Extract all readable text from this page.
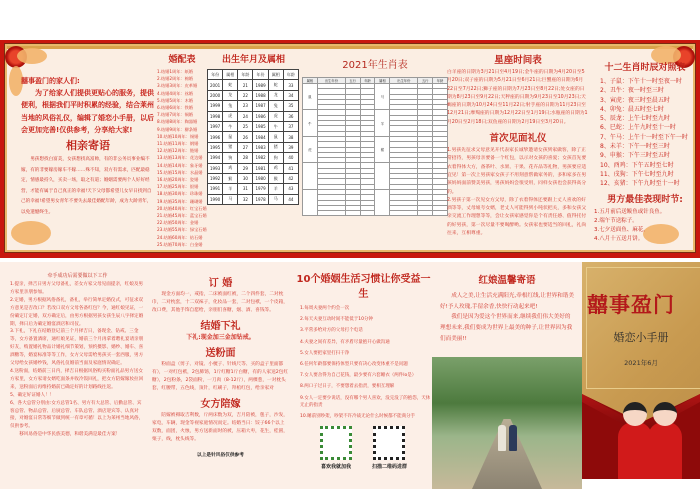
囍事盈门的家人们:
为了给家人们提供更贴心的服务，提供便利，根据我们平时积累的经验，结合莱州当地的风俗礼仪，编辑了婚恋小手册，以后会更加完善!仅供参考，分享给大家!
相亲寄语
男孩想找白富美，女孩想找高富帅，有的非公务员事业编不嫁，有的非要嫁房嫁车不嫁……殊不知，双方有需求，匹配最稳定，情感最持久，买卖一场，取之有道；婚姻需要两个人好好经营，才能有属于自己真正的幸福!天下父母都希望儿女早日找到自己的幸福!希望男女青年不要失去最佳婚配年龄，成为大龄青年，以免遗憾终生。
婚配表
1.结婚1周年：纸婚
2.结婚2周年：棉婚
3.结婚3周年：皮革婚
4.结婚4周年：丝婚
5.结婚5周年：木婚
6.结婚6周年：铁婚
7.结婚7周年：铜婚
8.结婚8周年：陶器婚
9.结婚9周年：柳条婚
10.结婚10周年：锡婚
11.结婚11周年：钢婚
12.结婚12周年：链婚
13.结婚13周年：花边婚
14.结婚14周年：象牙婚
15.结婚15周年：水晶婚
16.结婚20周年：瓷婚
17.结婚25周年：银婚
18.结婚30周年：珍珠婚
19.结婚35周年：珊瑚婚
20.结婚40周年：红宝石婚
21.结婚45周年：蓝宝石婚
22.结婚50周年：金婚
23.结婚55周年：绿宝石婚
24.结婚60周年：钻石婚
25.结婚70周年：白金婚
出生年月及属相
年份	属相	年龄	年份	属相	年龄
2001	蛇	21	1989	蛇	33
2000	龙	22	1988	龙	34
1999	兔	23	1987	兔	35
1998	虎	24	1986	虎	36
1997	牛	25	1985	牛	37
1996	鼠	26	1984	鼠	38
1995	猪	27	1983	猪	39
1994	狗	28	1982	狗	40
1993	鸡	29	1981	鸡	41
1992	猴	30	1980	猴	42
1991	羊	31	1979	羊	43
1990	马	32	1978	马	44
2021年生肖表
属相	出生年份	五行	年龄	属相	出生年份	五行	年龄
鼠				马			

牛				羊			

虎				猴			

星座时间表

白羊座的日期为3月21日至4月19日;金牛座的日期为4月20日至5月20日;双子座的日期为5月21日至6月21日;巨蟹座的日期为6月22日至7月22日;狮子座的日期为7月23日至8月22日;处女座的日期为8月23日至9月22日;天秤座的日期为9月23日至10月23日;天蝎座的日期为10月24日至11月22日;射手座的日期为11月23日至12月21日;摩羯座的日期为12月22日至1月19日;水瓶座的日期为1月20日至2月18日;双鱼座的日期为2月19日至3月20日。

首次见面礼仪

1.男孩先征求父母意见开代表家长诚挚邀请女孩到家做客，除了正常招待，男孩母亲要备一个红包，以示对女孩的喜爱；女孩首先要衣着得体大方，备茶叶、水果、干果、花卉品等礼物，男孩要应适宜见！第一次上男孩家女孩子不用刻意帮做家务的，多和家多在男孩妈妈面前赞美男孩，男孩妈妈会很受用，同样女孩也会获得高分的。

2.男孩子第一次见女方父母，除了衣着得体还要跟上丈人喜欢的好酒等等，丈母娘夸女婿，老丈人可能得到小吨状把关，多和女孩父亲交流工作理想等等，会让女孩家感觉你是个有责任感、值得托付的好男孩，第一次尽量不要喝醉哟。女孩家也要适当的回礼，礼尚往来，互相尊重。

十二生肖时辰对照表
1、子鼠：下午十一时至夜一时
2、丑牛：夜一时至三时
3、寅虎：夜三时至晨五时
4、卯兔：晨五时至七时
5、辰龙：上午七时至九时
6、巳蛇：上午九时至十一时
7、午马：上午十一时至下午一时
8、未羊：下午一时至三时
9、申猴：下午三时至五时
10、酉鸡：下午五时至七时
11、戌狗：下午七时至九时
12、亥猪：下午九时至十一时
男方最佳表现时节:
1.五月前后送鲅鱼或针良鱼。
2.端午节送粽子。
3.七夕送面鱼、麻花。
4.八月十五送月饼。
牵手成功后需要做以下工作

1.提亲，择吉日男方父母备礼，差女方家父母见面提亲，红娘及男方家里亲朋参加。

2.定婚，男方根据风俗备礼，备礼，举行简单定婚仪式，可征求双方意见是否改口？若改口双方父母各备红包？今，通红娘见证，一份确定订定婚，双方确定后，由男方根据男孩女孩生辰八字择定婚期，择日后为确定婚宴酒店和司仪。

3.下礼，下礼在结婚登记前三个月择吉日，备现金、钻戒、三金等，女方备置酒席，通红娘见证，婚前三个月再拿着聘礼宴请亲朋好友，购置婚礼物品计婚礼细节策划，预约摄影、婚纱、婚车、喜酒糖等，婚宴标准等等工作，女方父母需给男孩买一套西服，男方父母给女孩婚纱钱，风俗礼仪婚前当面及家庭情况确定。

4.送粉面，结婚前三日内，择吉日根据风俗购买粉面礼品男方送女方家里，女方家请女婿吃面条并收冷饭回礼，把女方陪嫁嫁妆拉回来，送粉面后再维持婚前已确定好的计划路线往返。

5、确定好证婚人！！

6、各大总管分别由:女方总管1名、男方有大总管、后勤总管、宾客总管、物品总管、后厨总管、车队总管、酒店迎宾等、认真对接，对婚宴日常等细节做到统一有章可循！以上为莱州当地风俗，仅供参考。

移风易俗是中华民族美德，和谐美满是最佳方案！

订 婚

现金方面均一，戒指，二床被面红被，二个四件套，二对枕巾，二对枕套，十二双袜子，化妆品一套，二对包袱，一个皮箱，改口费，其他手饰自愿给，亲朋们喜糖，烟、酒、喜钱等。

结婚下礼

下礼:现金加三金加钻戒。

送粉面

粉面盒（剪子、对镜、小梳子、针线尺等、买的盒子里面都有），一对红包袱，2包肺饧，1斤红糖1斤白糖，有的人家送2包红糖），2包粉条，2袋面粉，一刀肉（8-12斤），两棵葱，一对枕头套，红腰带，五色线，顶针，红刷子，拜棺红包，给亲家对

女方陪嫁

陪嫁被褥取吉利数，斤两床数为双，吉月陪被，毯子，沙发，家电，车辆，现金等视家庭情况而定。结婚当日：饺子66个以上双数，面团，火烛，男方送新面时的被，压箱大枣，花生，桂圆，栗子，线，枕头线等。

以上是针风俗仅供参考
10个婚姻生活习惯让你受益一生
1.每周夫妻两个约会一次
2.每天夫妻互动时间不能低于10分钟
3.平常多给对方的父母打个电话
4.夫妻之间有差异，有矛盾尽量抱开心做沟通
5.女人要把家里打扫干净
6.任何年龄都要保持体型只要有决心改变体重不是问题
7.女人要舍得为自己花钱，最少要有六套睡衣（两件lo是）
8.两口子过日子，不要想着去指责，要相互理解
9.女人一定要少说话，没有哪个男人喜欢，没完没了的抱怨，天休无止的指责
10.睡前别吵架，吵架不许冷战无论什么时候都不能商分手
喜欢我就加我	扫描二维码进群
红娘温馨寄语

成人之美,让生活充满阳光,牵根红线,让世界和谐美好!予人玫瑰,手留余香,快快行动起来吧!

我们是因为爱这个世界而来,继续我们伟大美好的理想未来,我们要成为世界上最美的种子,让世界因为我们而美丽!!

囍事盈门
婚恋小手册
2021年6月
